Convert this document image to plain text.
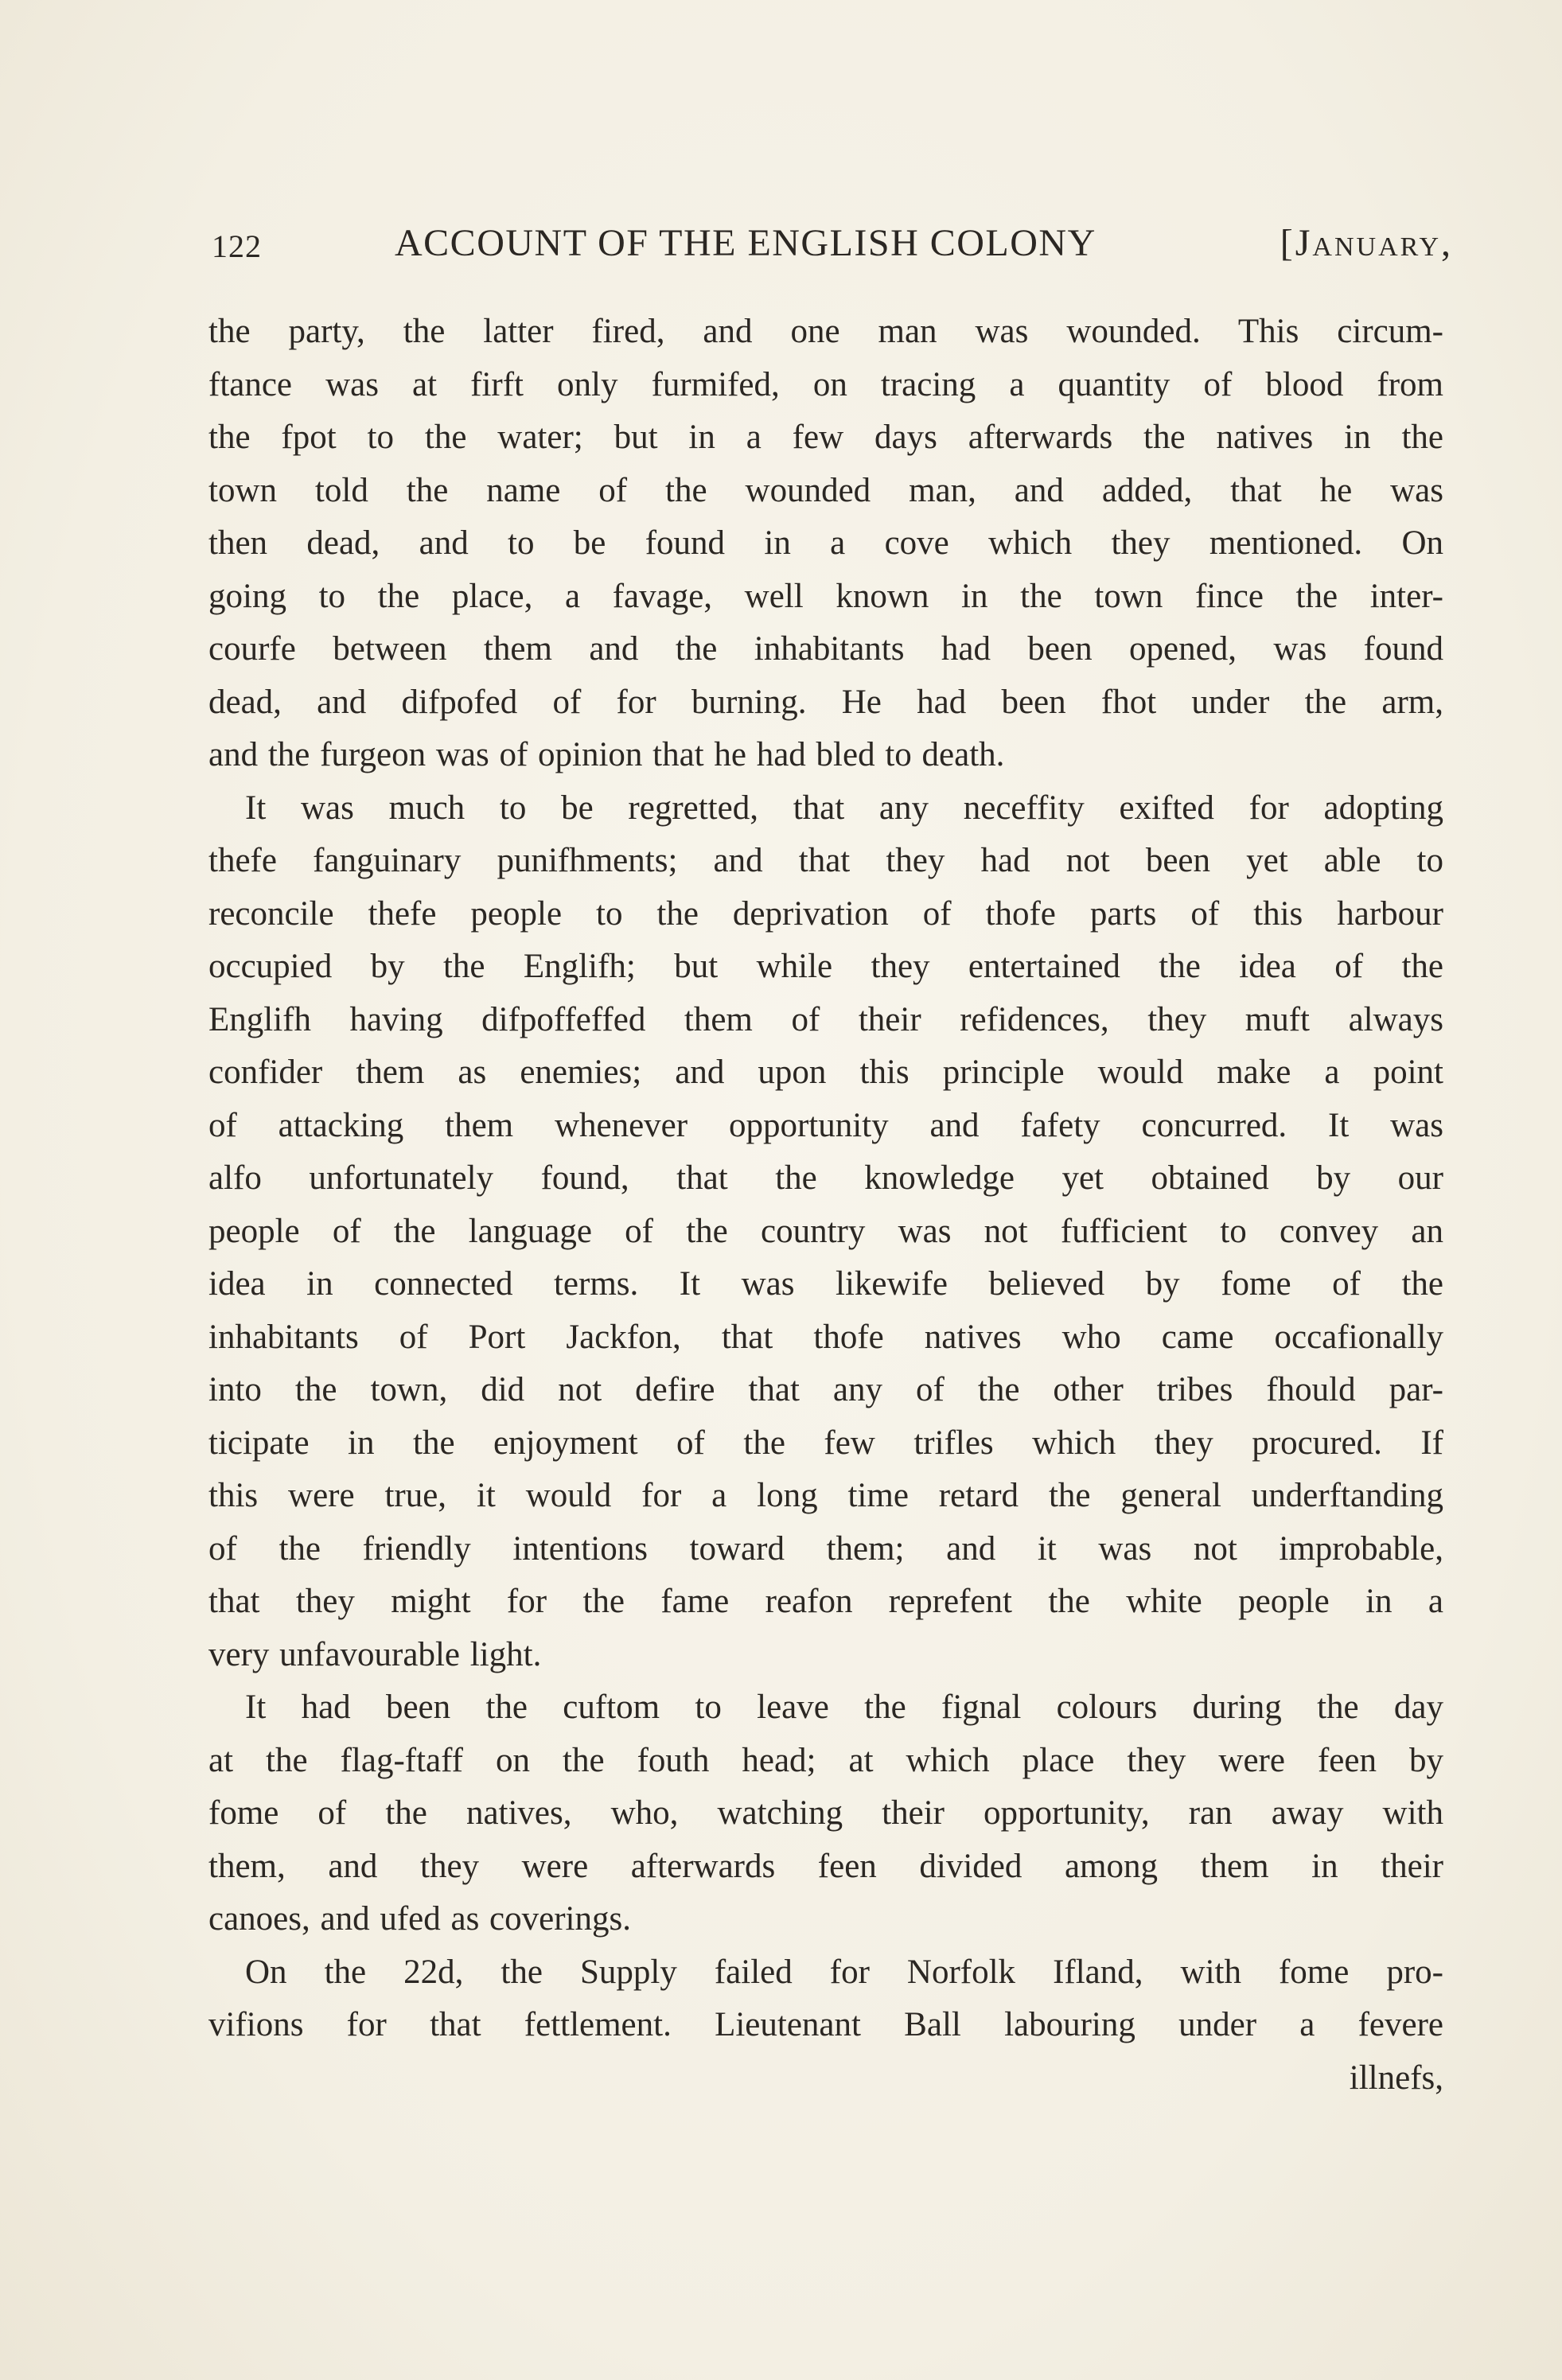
122	ACCOUNT OF THE ENGLISH COLONY	[January,
the party, the latter fired, and one man was wounded. This circum-
ftance was at firft only furmifed, on tracing a quantity of blood from
the fpot to the water; but in a few days afterwards the natives in the
town told the name of the wounded man, and added, that he was
then dead, and to be found in a cove which they mentioned. On
going to the place, a favage, well known in the town fince the inter-
courfe between them and the inhabitants had been opened, was found
dead, and difpofed of for burning. He had been fhot under the arm,
and the furgeon was of opinion that he had bled to death.
It was much to be regretted, that any neceffity exifted for adopting
thefe fanguinary punifhments; and that they had not been yet able to
reconcile thefe people to the deprivation of thofe parts of this harbour
occupied by the Englifh; but while they entertained the idea of the
Englifh having difpoffeffed them of their refidences, they muft always
confider them as enemies; and upon this principle would make a point
of attacking them whenever opportunity and fafety concurred. It was
alfo unfortunately found, that the knowledge yet obtained by our
people of the language of the country was not fufficient to convey an
idea in connected terms. It was likewife believed by fome of the
inhabitants of Port Jackfon, that thofe natives who came occafionally
into the town, did not defire that any of the other tribes fhould par-
ticipate in the enjoyment of the few trifles which they procured. If
this were true, it would for a long time retard the general underftanding
of the friendly intentions toward them; and it was not improbable,
that they might for the fame reafon reprefent the white people in a
very unfavourable light.
It had been the cuftom to leave the fignal colours during the day
at the flag-ftaff on the fouth head; at which place they were feen by
fome of the natives, who, watching their opportunity, ran away with
them, and they were afterwards feen divided among them in their
canoes, and ufed as coverings.
On the 22d, the Supply failed for Norfolk Ifland, with fome pro-
vifions for that fettlement. Lieutenant Ball labouring under a fevere
illnefs,
